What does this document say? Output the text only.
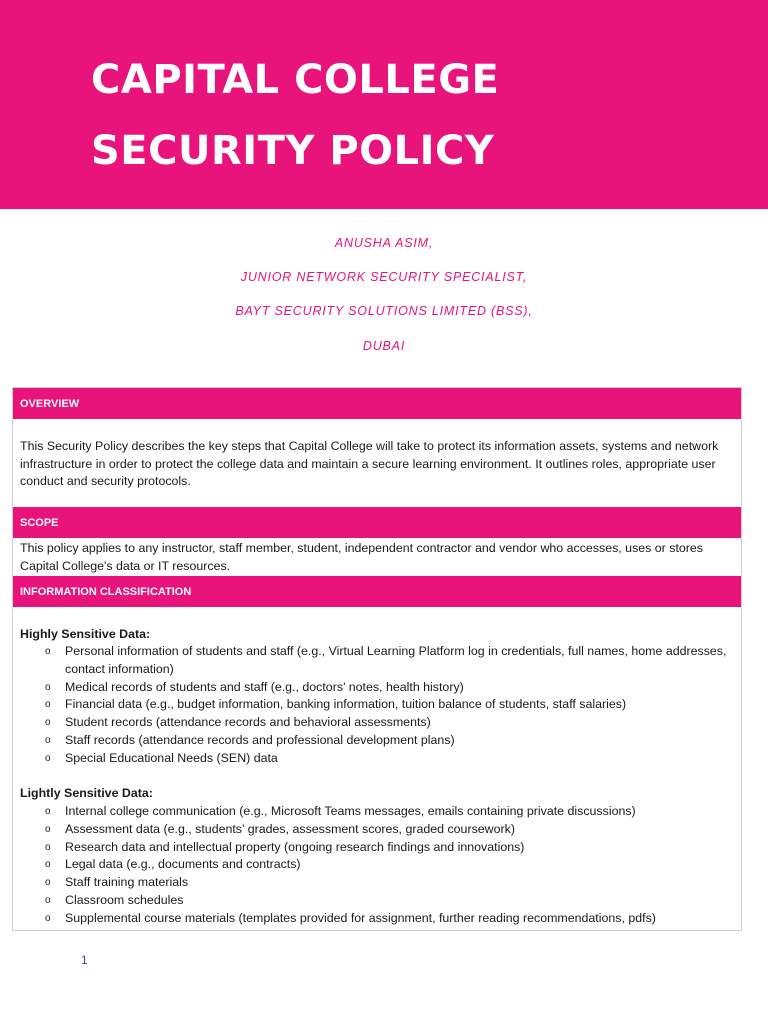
CAPITAL COLLEGE
SECURITY POLICY
ANUSHA ASIM,
JUNIOR NETWORK SECURITY SPECIALIST,
BAYT SECURITY SOLUTIONS LIMITED (BSS),
DUBAI
OVERVIEW
This Security Policy describes the key steps that Capital College will take to protect its information assets, systems and network infrastructure in order to protect the college data and maintain a secure learning environment. It outlines roles, appropriate user conduct and security protocols.
SCOPE
This policy applies to any instructor, staff member, student, independent contractor and vendor who accesses, uses or stores Capital College's data or IT resources.
INFORMATION CLASSIFICATION
Highly Sensitive Data:
o Personal information of students and staff (e.g., Virtual Learning Platform log in credentials, full names, home addresses, contact information)
o Medical records of students and staff (e.g., doctors’ notes, health history)
o Financial data (e.g., budget information, banking information, tuition balance of students, staff salaries)
o Student records (attendance records and behavioral assessments)
o Staff records (attendance records and professional development plans)
o Special Educational Needs (SEN) data
Lightly Sensitive Data:
o Internal college communication (e.g., Microsoft Teams messages, emails containing private discussions)
o Assessment data (e.g., students’ grades, assessment scores, graded coursework)
o Research data and intellectual property (ongoing research findings and innovations)
o Legal data (e.g., documents and contracts)
o Staff training materials
o Classroom schedules
o Supplemental course materials (templates provided for assignment, further reading recommendations, pdfs)
1
